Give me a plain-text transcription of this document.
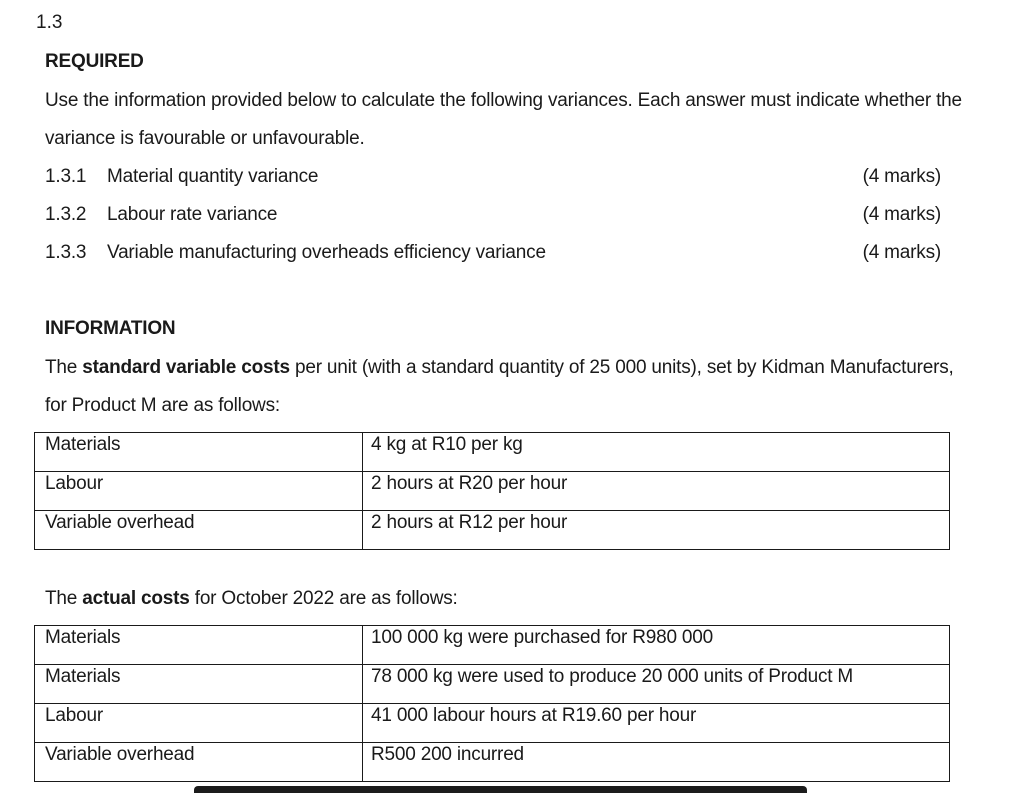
1.3
REQUIRED
Use the information provided below to calculate the following variances. Each answer must indicate whether the
variance is favourable or unfavourable.
1.3.1 Material quantity variance	(4 marks)
1.3.2 Labour rate variance	(4 marks)
1.3.3 Variable manufacturing overheads efficiency variance	(4 marks)
INFORMATION
The standard variable costs per unit (with a standard quantity of 25 000 units), set by Kidman Manufacturers,
for Product M are as follows:
Materials	4 kg at R10 per kg
Labour	2 hours at R20 per hour
Variable overhead	2 hours at R12 per hour
The actual costs for October 2022 are as follows:
Materials	100 000 kg were purchased for R980 000
Materials	78 000 kg were used to produce 20 000 units of Product M
Labour	41 000 labour hours at R19.60 per hour
Variable overhead	R500 200 incurred
